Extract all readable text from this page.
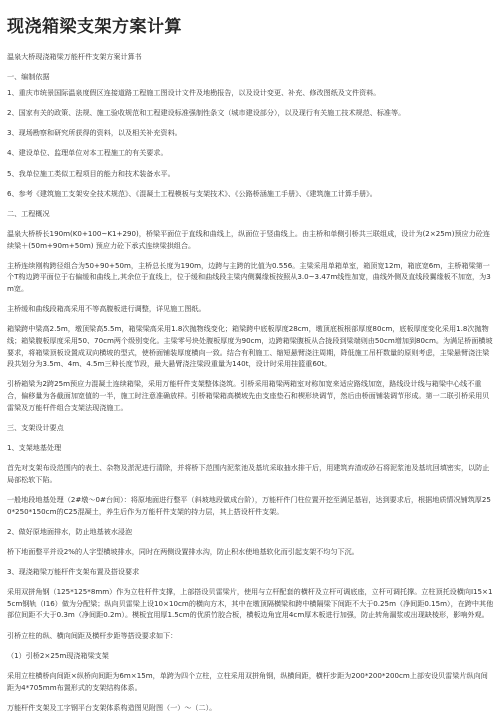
现浇箱梁支架方案计算

温泉大桥现浇箱梁万能杆件支架方案计算书

一、编制依据

1、重庆市统景国际温泉度假区连接道路工程施工图设计文件及地勘报告，以及设计变更、补充、修改图纸及文件资料。

2、国家有关的政策、法规、施工验收规范和工程建设标准强制性条文（城市建设部分），以及现行有关施工技术规范、标准等。

3、现场勘察和研究所获得的资料，以及相关补充资料。

4、建设单位、监理单位对本工程施工的有关要求。

5、我单位施工类似工程项目的能力和技术装备水平。

6、参考《建筑施工支架安全技术规范》、《混凝土工程模板与支架技术》、《公路桥涵施工手册》、《建筑施工计算手册》。

二、工程概况

温泉大桥桥长190m(K0+100~K1+290)，桥梁平面位于直线和曲线上，纵面位于竖曲线上。由主桥和单侧引桥共三联组成，设计为(2×25m)预应力砼连续梁＋(50m+90m+50m) 预应力砼下承式连续梁拱组合。

主桥连续刚构跨径组合为50+90+50m，主桥总长度为190m，边跨与主跨的比值为0.556。主梁采用单箱单室，箱顶宽12m，箱底宽6m，主桥箱梁第一个T构边跨平面位于右偏缓和曲线上,其余位于直线上，位于缓和曲线段主梁内侧翼缘板按照从3.0~3.47m线性加宽，曲线外侧及直线段翼缘板不加宽，为3m宽。

主桥缓和曲线段箱高采用不等高腹板进行调整，详见施工图纸。

箱梁跨中梁高2.5m，墩顶梁高5.5m，箱梁梁高采用1.8次抛物线变化；箱梁跨中底板厚度28cm，墩顶底板根部厚度80cm，底板厚度变化采用1.8次抛物线；箱梁腹板厚度采用50、70cm两个级别变化。主梁零号块处腹板厚度为90cm，边跨箱梁腹板从合拢段到梁端则由50cm增加到80cm。为满足桥面横坡要求，将箱梁顶板设置成双向横坡的型式，使桥面铺装厚度横向一致。结合有利施工、缩短悬臂浇注周期，降低施工吊杆数量的原则考虑，主梁悬臂浇注梁段共划分为3.5m、4m、4.5m三种长度节段，最大悬臂浇注梁段重量为140t，设计时采用挂篮重60t。

引桥箱梁为2跨25m预应力混凝土连续箱梁，采用万能杆件支架整体浇筑。引桥采用箱梁两箱室对称加宽来适应路线加宽，路线设计线与箱梁中心线不重合，偏移量为各截面加宽值的一半，施工时注意准确放样。引桥箱梁箱高横坡先由支座垫石和楔形块调节，然后由桥面铺装调节形成。第一二联引桥采用贝雷梁及万能杆件组合支架法现浇施工。

三、支架设计要点

1、支架地基处理

首先对支架布设范围内的表土、杂物及淤泥进行清除，并将桥下范围内泥浆池及基坑采取抽水排干后，用建筑弃渣或砂石将泥浆池及基坑回填密实，以防止局部松软下陷。

一般地段地基处理（2#墩～0#台间）：将原地面进行整平（斜坡地段做成台阶），万能杆件门柱位置开挖至满足基岩，达到要求后，根据地质情况铺筑厚250*250*150cm的C25混凝土，养生后作为万能杆件支架的持力层，其上搭设杆件支架。

2、做好原地面排水，防止地基被水浸泡

桥下地面整平并设2%的人字型横坡排水，同时在两侧设置排水沟，防止积水使地基软化而引起支架不均匀下沉。

3、现浇箱梁万能杆件支架布置及搭设要求

采用双拼角钢（125*125*8mm）作为立柱杆件支撑，上部搭设贝雷梁片，使用与立杆配套的横杆及立杆可调底座，立杆可调托撑。立柱顶托设横向I15×15cm钢轨（I16）做为分配梁；纵向贝雷梁上设10×10cm的横向方木，其中在墩顶隔横梁和跨中横隔梁下间距不大于0.25m（净间距0.15m），在跨中其他部位间距不大于0.3m（净间距0.2m）。模板宜用厚1.5cm的优质竹胶合板，横板边角宜用4cm厚木板进行加强，防止转角漏浆或出现缺棱形，影响外观。

引桥立柱的纵、横向间距及横杆步距等搭设要求如下：

（1）引桥2×25m现浇箱梁支架

采用立柱横桥向间距×纵桥向间距为6m×15m，单跨为四个立柱，立柱采用双拼角钢，纵横间距，横杆步距为200*200*200cm上部安设贝雷梁片纵向间距为4*705mm布置形式的支架结构体系。

万能杆件支架及工字钢平台支架体系构造图见附图（一）～（二）。
